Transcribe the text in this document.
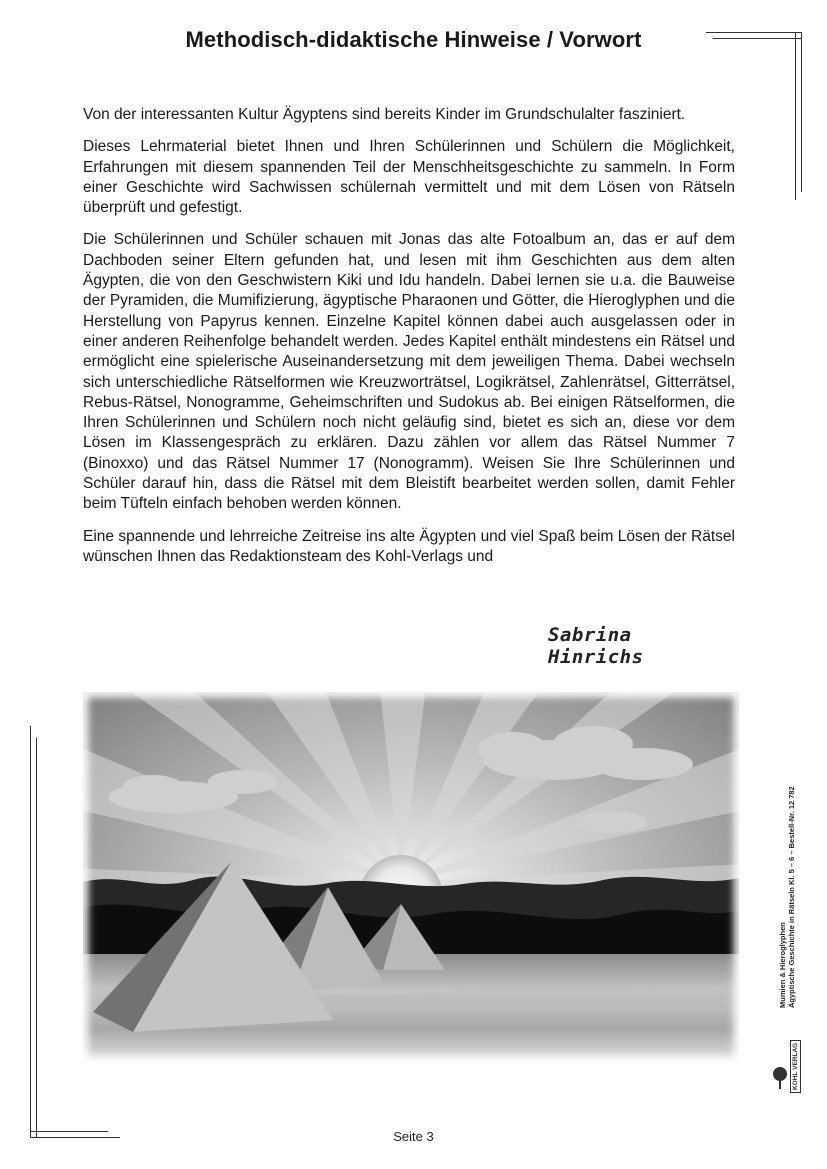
Methodisch-didaktische Hinweise / Vorwort

Von der interessanten Kultur Ägyptens sind bereits Kinder im Grundschulalter fasziniert.

Dieses Lehrmaterial bietet Ihnen und Ihren Schülerinnen und Schülern die Möglichkeit, Erfahrungen mit diesem spannenden Teil der Menschheitsgeschichte zu sammeln. In Form einer Geschichte wird Sachwissen schülernah vermittelt und mit dem Lösen von Rätseln überprüft und gefestigt.

Die Schülerinnen und Schüler schauen mit Jonas das alte Fotoalbum an, das er auf dem Dachboden seiner Eltern gefunden hat, und lesen mit ihm Geschichten aus dem alten Ägypten, die von den Geschwistern Kiki und Idu handeln. Dabei lernen sie u.a. die Bauweise der Pyramiden, die Mumifizierung, ägyptische Pharaonen und Götter, die Hieroglyphen und die Herstellung von Papyrus kennen. Einzelne Kapitel können dabei auch ausgelassen oder in einer anderen Reihenfolge behandelt werden. Jedes Kapitel enthält mindestens ein Rätsel und ermöglicht eine spielerische Auseinandersetzung mit dem jeweiligen Thema. Dabei wechseln sich unterschiedliche Rätselformen wie Kreuzworträtsel, Logikrätsel, Zahlenrätsel, Gitterrätsel, Rebus-Rätsel, Nonogramme, Geheimschriften und Sudokus ab. Bei einigen Rätselformen, die Ihren Schülerinnen und Schülern noch nicht geläufig sind, bietet es sich an, diese vor dem Lösen im Klassengespräch zu erklären. Dazu zählen vor allem das Rätsel Nummer 7 (Binoxxo) und das Rätsel Nummer 17 (Nonogramm). Weisen Sie Ihre Schülerinnen und Schüler darauf hin, dass die Rätsel mit dem Bleistift bearbeitet werden sollen, damit Fehler beim Tüfteln einfach behoben werden können.

Eine spannende und lehrreiche Zeitreise ins alte Ägypten und viel Spaß beim Lösen der Rätsel wünschen Ihnen das Redaktionsteam des Kohl-Verlags und

Sabrina Hinrichs
Mumien & Hieroglyphen Ägyptische Geschichte in Rätseln Kl. 5 – 6 – Bestell-Nr. 12 782
KOHL VERLAG
Seite 3
